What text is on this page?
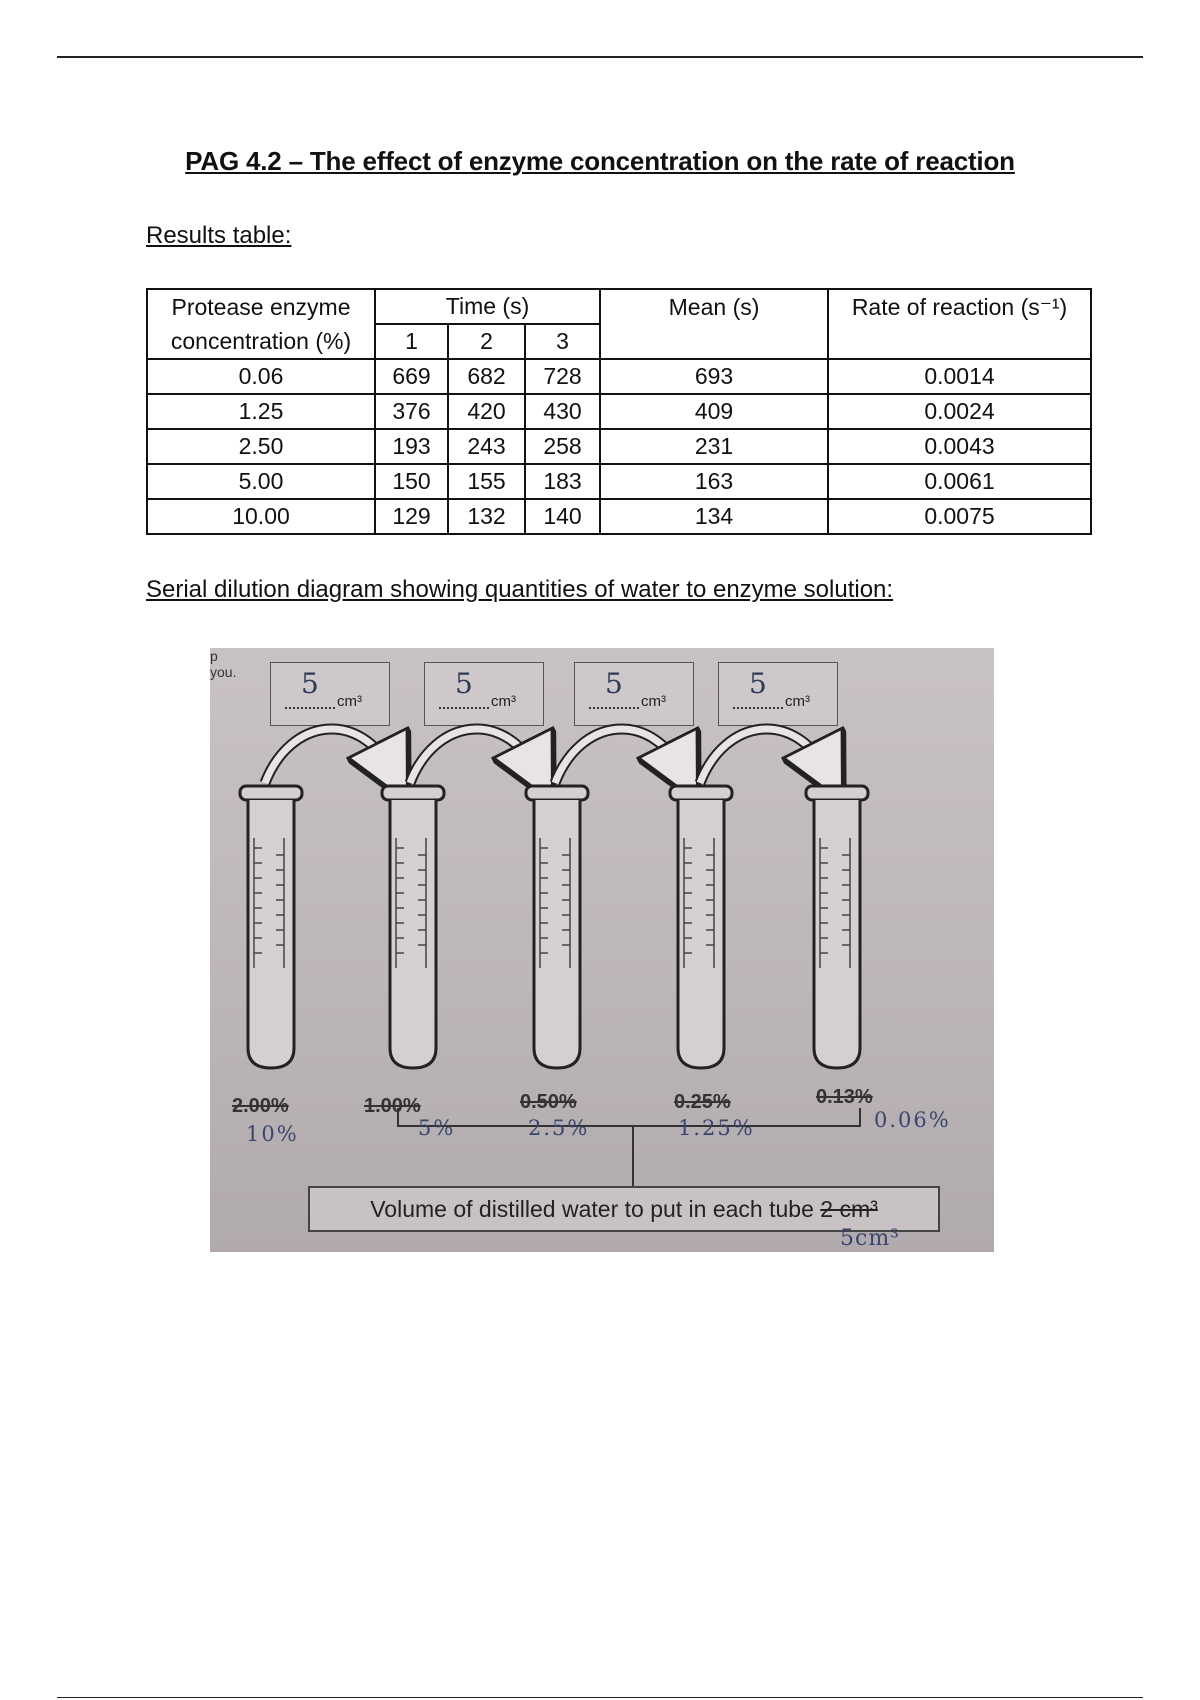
PAG 4.2 – The effect of enzyme concentration on the rate of reaction
Results table:
Protease enzyme	Time (s)			Mean (s)	Rate of reaction (s⁻¹)
concentration (%)	1	2	3		
0.06	669	682	728	693	0.0014
1.25	376	420	430	409	0.0024
2.50	193	243	258	231	0.0043
5.00	150	155	183	163	0.0061
10.00	129	132	140	134	0.0075
Serial dilution diagram showing quantities of water to enzyme solution:
p you. 5
cm³
5
cm³
5
cm³
5
cm³
2.00%	1.00%	0.50%	0.25%	0.13%
10%	5%	2.5%	1.25%	0.06%
Volume of distilled water to put in each tube 2 cm³
5cm³
